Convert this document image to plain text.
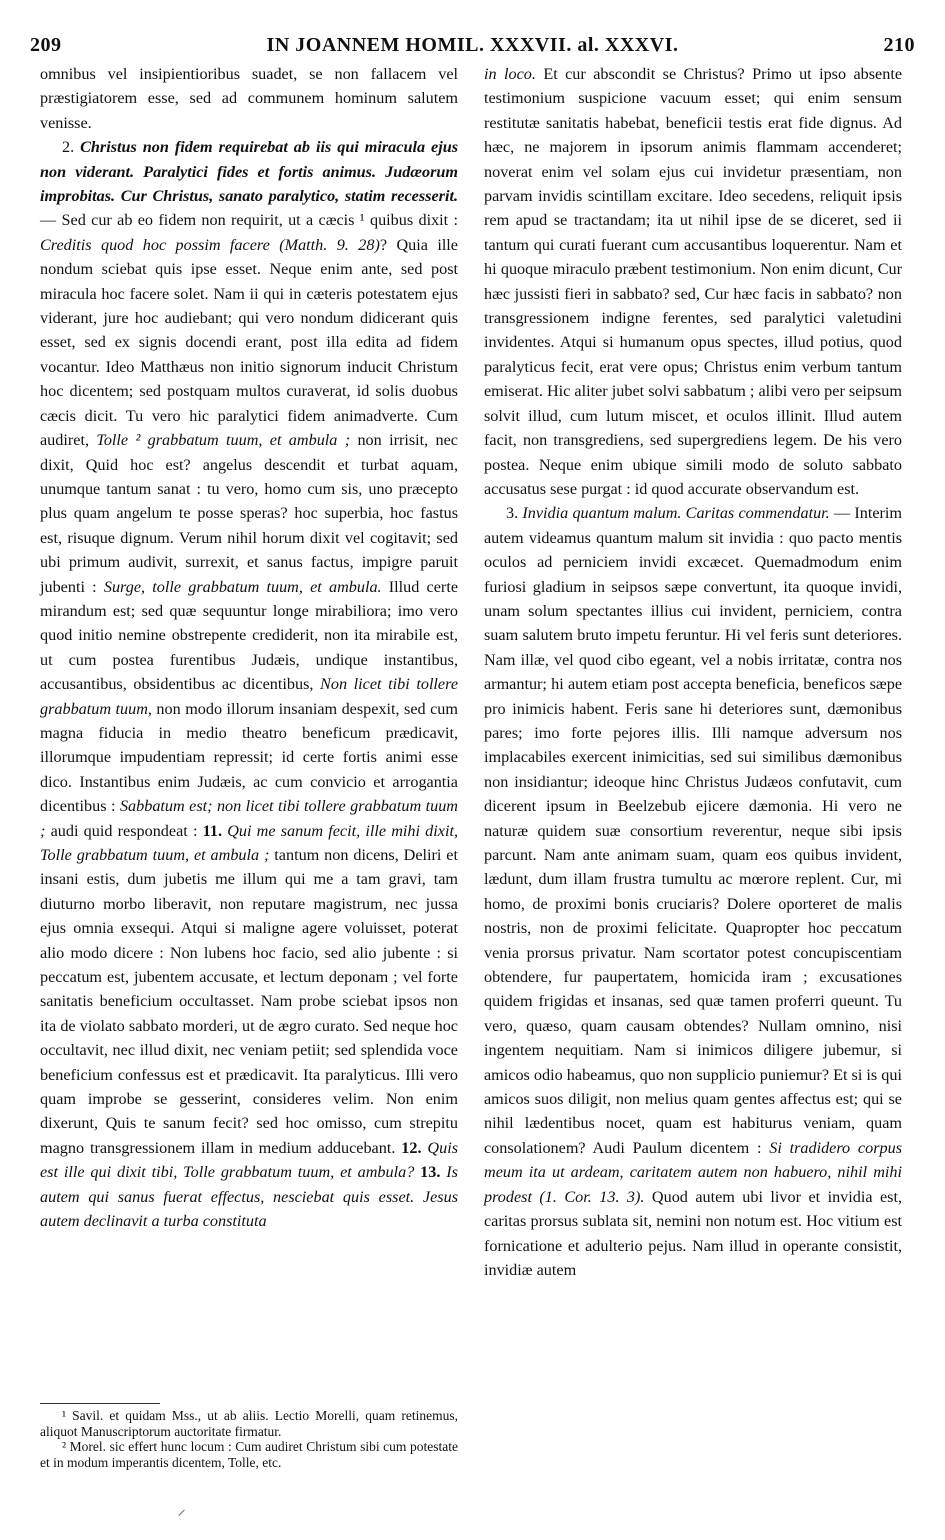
209	IN JOANNEM HOMIL. XXXVII. al. XXXVI.	210

omnibus vel insipientioribus suadet, se non fallacem vel præstigiatorem esse, sed ad communem hominum salutem venisse.

2. Christus non fidem requirebat ab iis qui miracula ejus non viderant. Paralytici fides et fortis animus. Judæorum improbitas. Cur Christus, sanato paralytico, statim recesserit. — Sed cur ab eo fidem non requirit, ut a cæcis ¹ quibus dixit : Creditis quod hoc possim facere (Matth. 9. 28)? Quia ille nondum sciebat quis ipse esset. Neque enim ante, sed post miracula hoc facere solet. Nam ii qui in cæteris potestatem ejus viderant, jure hoc audiebant; qui vero nondum didicerant quis esset, sed ex signis docendi erant, post illa edita ad fidem vocantur. Ideo Matthæus non initio signorum inducit Christum hoc dicentem; sed postquam multos curaverat, id solis duobus cæcis dicit. Tu vero hic paralytici fidem animadverte. Cum audiret, Tolle ² grabbatum tuum, et ambula ; non irrisit, nec dixit, Quid hoc est? angelus descendit et turbat aquam, unumque tantum sanat : tu vero, homo cum sis, uno præcepto plus quam angelum te posse speras? hoc superbia, hoc fastus est, risuque dignum. Verum nihil horum dixit vel cogitavit; sed ubi primum audivit, surrexit, et sanus factus, impigre paruit jubenti : Surge, tolle grabbatum tuum, et ambula. Illud certe mirandum est; sed quæ sequuntur longe mirabiliora; imo vero quod initio nemine obstrepente crediderit, non ita mirabile est, ut cum postea furentibus Judæis, undique instantibus, accusantibus, obsidentibus ac dicentibus, Non licet tibi tollere grabbatum tuum, non modo illorum insaniam despexit, sed cum magna fiducia in medio theatro beneficum prædicavit, illorumque impudentiam repressit; id certe fortis animi esse dico. Instantibus enim Judæis, ac cum convicio et arrogantia dicentibus : Sabbatum est; non licet tibi tollere grabbatum tuum ; audi quid respondeat : 11. Qui me sanum fecit, ille mihi dixit, Tolle grabbatum tuum, et ambula ; tantum non dicens, Deliri et insani estis, dum jubetis me illum qui me a tam gravi, tam diuturno morbo liberavit, non reputare magistrum, nec jussa ejus omnia exsequi. Atqui si maligne agere voluisset, poterat alio modo dicere : Non lubens hoc facio, sed alio jubente : si peccatum est, jubentem accusate, et lectum deponam ; vel forte sanitatis beneficium occultasset. Nam probe sciebat ipsos non ita de violato sabbato morderi, ut de ægro curato. Sed neque hoc occultavit, nec illud dixit, nec veniam petiit; sed splendida voce beneficium confessus est et prædicavit. Ita paralyticus. Illi vero quam improbe se gesserint, consideres velim. Non enim dixerunt, Quis te sanum fecit? sed hoc omisso, cum strepitu magno transgressionem illam in medium adducebant. 12. Quis est ille qui dixit tibi, Tolle grabbatum tuum, et ambula? 13. Is autem qui sanus fuerat effectus, nesciebat quis esset. Jesus autem declinavit a turba constituta

in loco. Et cur abscondit se Christus? Primo ut ipso absente testimonium suspicione vacuum esset; qui enim sensum restitutæ sanitatis habebat, beneficii testis erat fide dignus. Ad hæc, ne majorem in ipsorum animis flammam accenderet; noverat enim vel solam ejus cui invidetur præsentiam, non parvam invidis scintillam excitare. Ideo secedens, reliquit ipsis rem apud se tractandam; ita ut nihil ipse de se diceret, sed ii tantum qui curati fuerant cum accusantibus loquerentur. Nam et hi quoque miraculo præbent testimonium. Non enim dicunt, Cur hæc jussisti fieri in sabbato? sed, Cur hæc facis in sabbato? non transgressionem indigne ferentes, sed paralytici valetudini invidentes. Atqui si humanum opus spectes, illud potius, quod paralyticus fecit, erat vere opus; Christus enim verbum tantum emiserat. Hic aliter jubet solvi sabbatum ; alibi vero per seipsum solvit illud, cum lutum miscet, et oculos illinit. Illud autem facit, non transgrediens, sed supergrediens legem. De his vero postea. Neque enim ubique simili modo de soluto sabbato accusatus sese purgat : id quod accurate observandum est.

3. Invidia quantum malum. Caritas commendatur. — Interim autem videamus quantum malum sit invidia : quo pacto mentis oculos ad perniciem invidi excæcet. Quemadmodum enim furiosi gladium in seipsos sæpe convertunt, ita quoque invidi, unam solum spectantes illius cui invident, perniciem, contra suam salutem bruto impetu feruntur. Hi vel feris sunt deteriores. Nam illæ, vel quod cibo egeant, vel a nobis irritatæ, contra nos armantur; hi autem etiam post accepta beneficia, beneficos sæpe pro inimicis habent. Feris sane hi deteriores sunt, dæmonibus pares; imo forte pejores illis. Illi namque adversum nos implacabiles exercent inimicitias, sed sui similibus dæmonibus non insidiantur; ideoque hinc Christus Judæos confutavit, cum dicerent ipsum in Beelzebub ejicere dæmonia. Hi vero ne naturæ quidem suæ consortium reverentur, neque sibi ipsis parcunt. Nam ante animam suam, quam eos quibus invident, lædunt, dum illam frustra tumultu ac mœrore replent. Cur, mi homo, de proximi bonis cruciaris? Dolere oporteret de malis nostris, non de proximi felicitate. Quapropter hoc peccatum venia prorsus privatur. Nam scortator potest concupiscentiam obtendere, fur paupertatem, homicida iram ; excusationes quidem frigidas et insanas, sed quæ tamen proferri queunt. Tu vero, quæso, quam causam obtendes? Nullam omnino, nisi ingentem nequitiam. Nam si inimicos diligere jubemur, si amicos odio habeamus, quo non supplicio puniemur? Et si is qui amicos suos diligit, non melius quam gentes affectus est; qui se nihil lædentibus nocet, quam est habiturus veniam, quam consolationem? Audi Paulum dicentem : Si tradidero corpus meum ita ut ardeam, caritatem autem non habuero, nihil mihi prodest (1. Cor. 13. 3). Quod autem ubi livor et invidia est, caritas prorsus sublata sit, nemini non notum est. Hoc vitium est fornicatione et adulterio pejus. Nam illud in operante consistit, invidiæ autem

¹ Savil. et quidam Mss., ut ab aliis. Lectio Morelli, quam retinemus, aliquot Manuscriptorum auctoritate firmatur.

² Morel. sic effert hunc locum : Cum audiret Christum sibi cum potestate et in modum imperantis dicentem, Tolle, etc.
